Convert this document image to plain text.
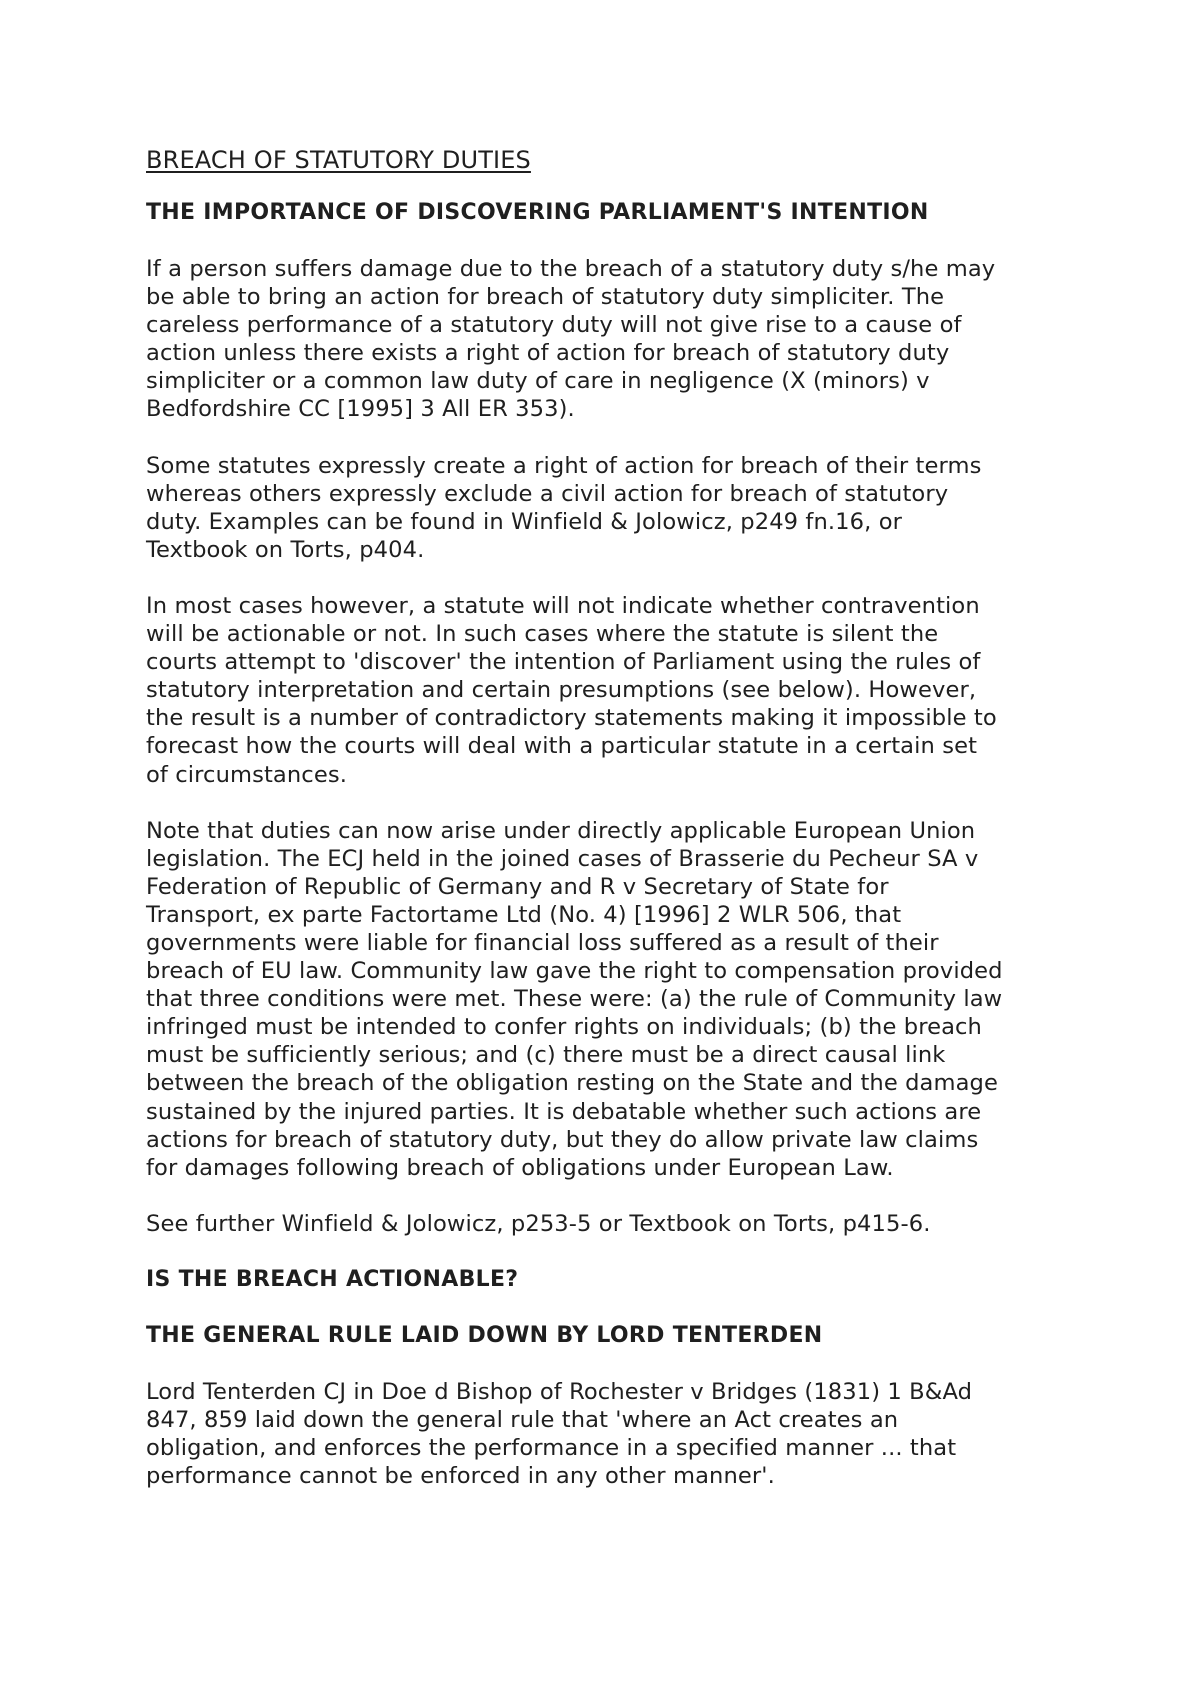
BREACH OF STATUTORY DUTIES
THE IMPORTANCE OF DISCOVERING PARLIAMENT'S INTENTION

If a person suffers damage due to the breach of a statutory duty s/he may
be able to bring an action for breach of statutory duty simpliciter. The
careless performance of a statutory duty will not give rise to a cause of
action unless there exists a right of action for breach of statutory duty
simpliciter or a common law duty of care in negligence (X (minors) v
Bedfordshire CC [1995] 3 All ER 353).

Some statutes expressly create a right of action for breach of their terms
whereas others expressly exclude a civil action for breach of statutory
duty. Examples can be found in Winfield & Jolowicz, p249 fn.16, or
Textbook on Torts, p404.

In most cases however, a statute will not indicate whether contravention
will be actionable or not. In such cases where the statute is silent the
courts attempt to 'discover' the intention of Parliament using the rules of
statutory interpretation and certain presumptions (see below). However,
the result is a number of contradictory statements making it impossible to
forecast how the courts will deal with a particular statute in a certain set
of circumstances.

Note that duties can now arise under directly applicable European Union
legislation. The ECJ held in the joined cases of Brasserie du Pecheur SA v
Federation of Republic of Germany and R v Secretary of State for
Transport, ex parte Factortame Ltd (No. 4) [1996] 2 WLR 506, that
governments were liable for financial loss suffered as a result of their
breach of EU law. Community law gave the right to compensation provided
that three conditions were met. These were: (a) the rule of Community law
infringed must be intended to confer rights on individuals; (b) the breach
must be sufficiently serious; and (c) there must be a direct causal link
between the breach of the obligation resting on the State and the damage
sustained by the injured parties. It is debatable whether such actions are
actions for breach of statutory duty, but they do allow private law claims
for damages following breach of obligations under European Law.

See further Winfield & Jolowicz, p253-5 or Textbook on Torts, p415-6.

IS THE BREACH ACTIONABLE?
THE GENERAL RULE LAID DOWN BY LORD TENTERDEN

Lord Tenterden CJ in Doe d Bishop of Rochester v Bridges (1831) 1 B&Ad
847, 859 laid down the general rule that 'where an Act creates an
obligation, and enforces the performance in a specified manner ... that
performance cannot be enforced in any other manner'.
